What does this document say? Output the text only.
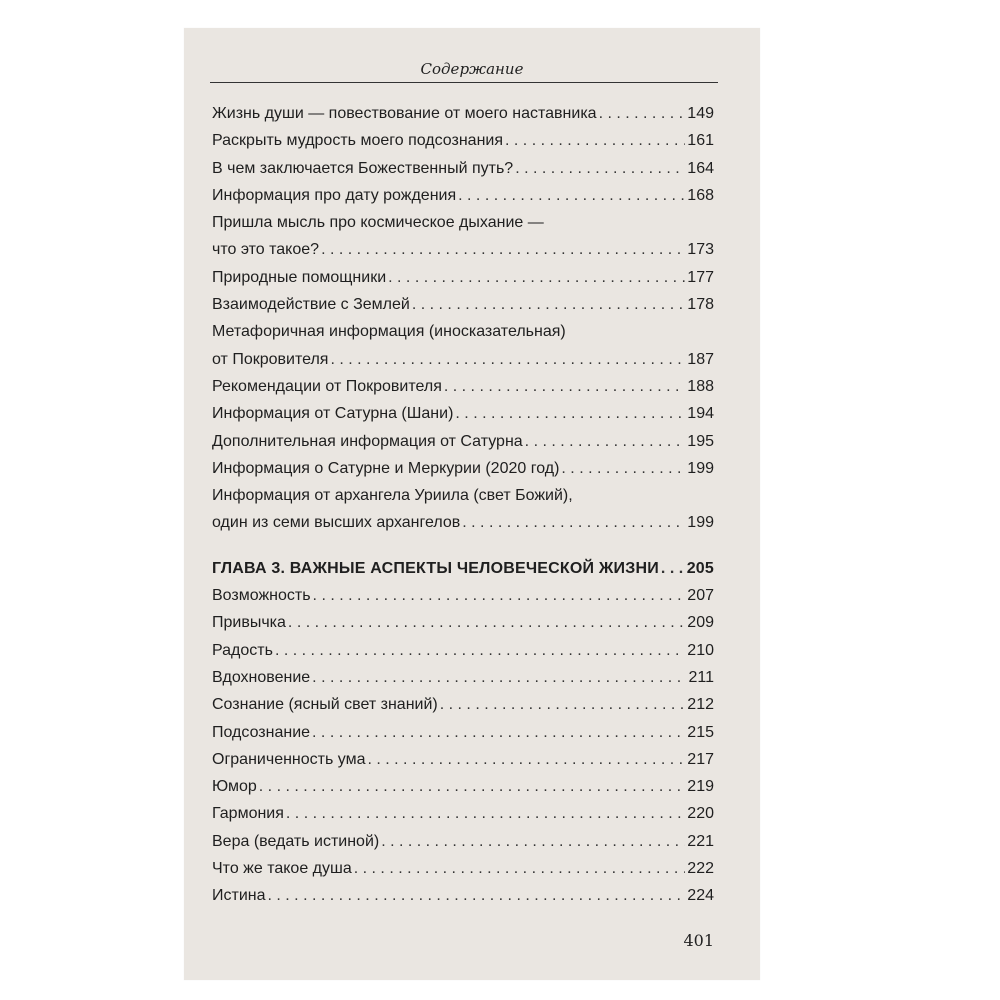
Содержание
Жизнь души — повествование от моего наставника . . .	149
Раскрыть мудрость моего подсознания . . .	161
В чем заключается Божественный путь? . . .	164
Информация про дату рождения . . .	168
Пришла мысль про космическое дыхание —
что это такое? . . .	173
Природные помощники . . .	177
Взаимодействие с Землей . . .	178
Метафоричная информация (иносказательная)
от Покровителя . . .	187
Рекомендации от Покровителя . . .	188
Информация от Сатурна (Шани) . . .	194
Дополнительная информация от Сатурна . . .	195
Информация о Сатурне и Меркурии (2020 год) . . .	199
Информация от архангела Уриила (свет Божий),
один из семи высших архангелов . . .	199
ГЛАВА 3. ВАЖНЫЕ АСПЕКТЫ ЧЕЛОВЕЧЕСКОЙ ЖИЗНИ . . . 205
Возможность . . .	207
Привычка . . .	209
Радость . . .	210
Вдохновение . . .	211
Сознание (ясный свет знаний) . . .	212
Подсознание . . .	215
Ограниченность ума . . .	217
Юмор . . .	219
Гармония . . .	220
Вера (ведать истиной) . . .	221
Что же такое душа . . .	222
Истина . . .	224
401
